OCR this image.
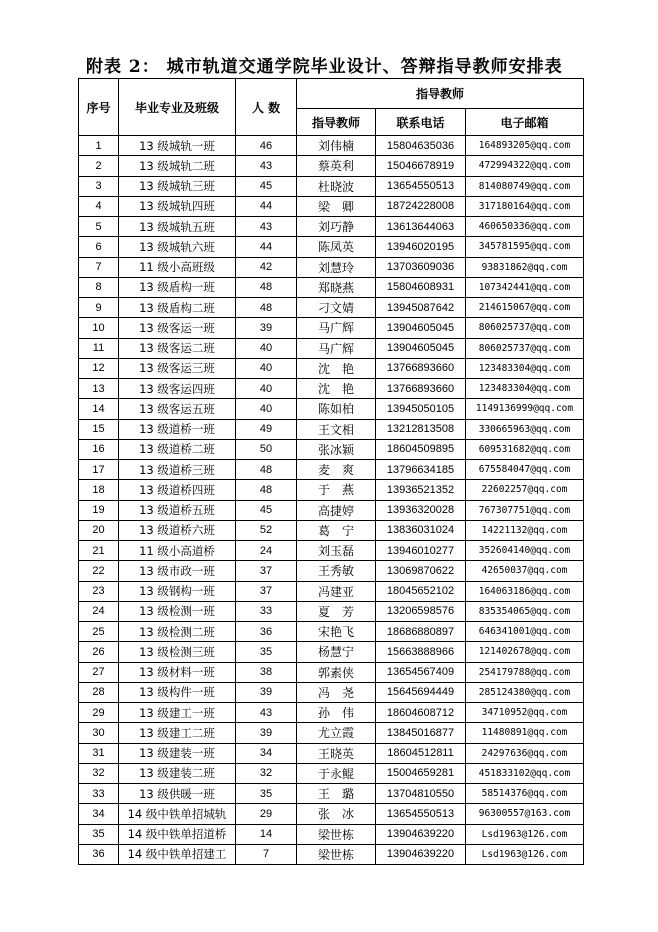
附表 2： 城市轨道交通学院毕业设计、答辩指导教师安排表
序号	毕业专业及班级	人 数	指导教师		
			指导教师	联系电话	电子邮箱
1	13 级城轨一班	46	刘伟楠	15804635036	164893205@qq.com
2	13 级城轨二班	43	蔡英利	15046678919	472994322@qq.com
3	13 级城轨三班	45	杜晓波	13654550513	814080749@qq.com
4	13 级城轨四班	44	梁　卿	18724228008	317180164@qq.com
5	13 级城轨五班	43	刘巧静	13613644063	460650336@qq.com
6	13 级城轨六班	44	陈凤英	13946020195	345781595@qq.com
7	11 级小高班级	42	刘慧玲	13703609036	93831862@qq.com
8	13 级盾构一班	48	郑晓燕	15804608931	107342441@qq.com
9	13 级盾构二班	48	刁文婧	13945087642	214615067@qq.com
10	13 级客运一班	39	马广辉	13904605045	806025737@qq.com
11	13 级客运二班	40	马广辉	13904605045	806025737@qq.com
12	13 级客运三班	40	沈　艳	13766893660	123483304@qq.com
13	13 级客运四班	40	沈　艳	13766893660	123483304@qq.com
14	13 级客运五班	40	陈如柏	13945050105	1149136999@qq.com
15	13 级道桥一班	49	王文相	13212813508	330665963@qq.com
16	13 级道桥二班	50	张冰颖	18604509895	609531682@qq.com
17	13 级道桥三班	48	麦　爽	13796634185	675584047@qq.com
18	13 级道桥四班	48	于　燕	13936521352	22602257@qq.com
19	13 级道桥五班	45	高捷婷	13936320028	767307751@qq.com
20	13 级道桥六班	52	葛　宁	13836031024	14221132@qq.com
21	11 级小高道桥	24	刘玉磊	13946010277	352604140@qq.com
22	13 级市政一班	37	王秀敏	13069870622	42650037@qq.com
23	13 级钢构一班	37	冯建亚	18045652102	164063186@qq.com
24	13 级检测一班	33	夏　芳	13206598576	835354065@qq.com
25	13 级检测二班	36	宋艳飞	18686880897	646341001@qq.com
26	13 级检测三班	35	杨慧宁	15663888966	121402678@qq.com
27	13 级材料一班	38	郭素侠	13654567409	254179788@qq.com
28	13 级构件一班	39	冯　尧	15645694449	285124380@qq.com
29	13 级建工一班	43	孙　伟	18604608712	34710952@qq.com
30	13 级建工二班	39	尤立霞	13845016877	11480891@qq.com
31	13 级建装一班	34	王晓英	18604512811	24297636@qq.com
32	13 级建装二班	32	于永鲲	15004659281	451833102@qq.com
33	13 级供暖一班	35	王　璐	13704810550	58514376@qq.com
34	14 级中铁单招城轨	29	张　冰	13654550513	96300557@163.com
35	14 级中铁单招道桥	14	梁世栋	13904639220	Lsd1963@126.com
36	14 级中铁单招建工	7	梁世栋	13904639220	Lsd1963@126.com
